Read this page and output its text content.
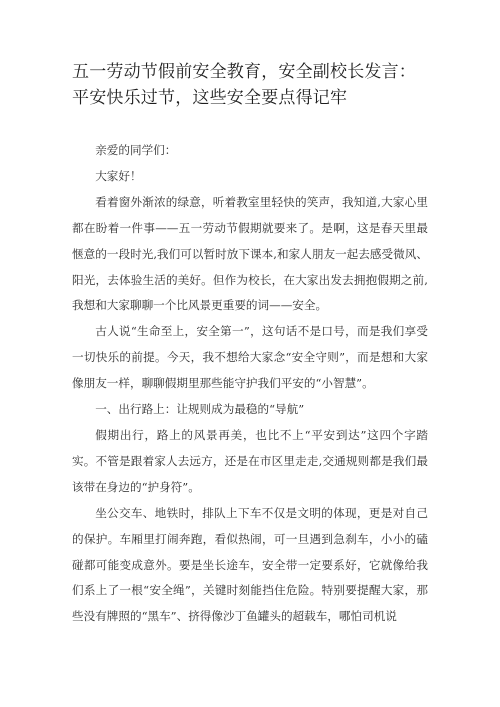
五一劳动节假前安全教育，安全副校长发言：
平安快乐过节，这些安全要点得记牢

亲爱的同学们：

大家好！

看着窗外渐浓的绿意，听着教室里轻快的笑声，我知道,大家心里都在盼着一件事——五一劳动节假期就要来了。是啊，这是春天里最惬意的一段时光,我们可以暂时放下课本,和家人朋友一起去感受微风、阳光，去体验生活的美好。但作为校长，在大家出发去拥抱假期之前,我想和大家聊聊一个比风景更重要的词——安全。

古人说“生命至上，安全第一”，这句话不是口号，而是我们享受一切快乐的前提。今天，我不想给大家念“安全守则”，而是想和大家像朋友一样，聊聊假期里那些能守护我们平安的“小智慧”。

一、出行路上：让规则成为最稳的“导航”

假期出行，路上的风景再美，也比不上“平安到达”这四个字踏实。不管是跟着家人去远方，还是在市区里走走,交通规则都是我们最该带在身边的“护身符”。

坐公交车、地铁时，排队上下车不仅是文明的体现，更是对自己的保护。车厢里打闹奔跑，看似热闹，可一旦遇到急刹车，小小的磕碰都可能变成意外。要是坐长途车，安全带一定要系好，它就像给我们系上了一根“安全绳”，关键时刻能挡住危险。特别要提醒大家，那些没有牌照的“黑车”、挤得像沙丁鱼罐头的超载车，哪怕司机说
